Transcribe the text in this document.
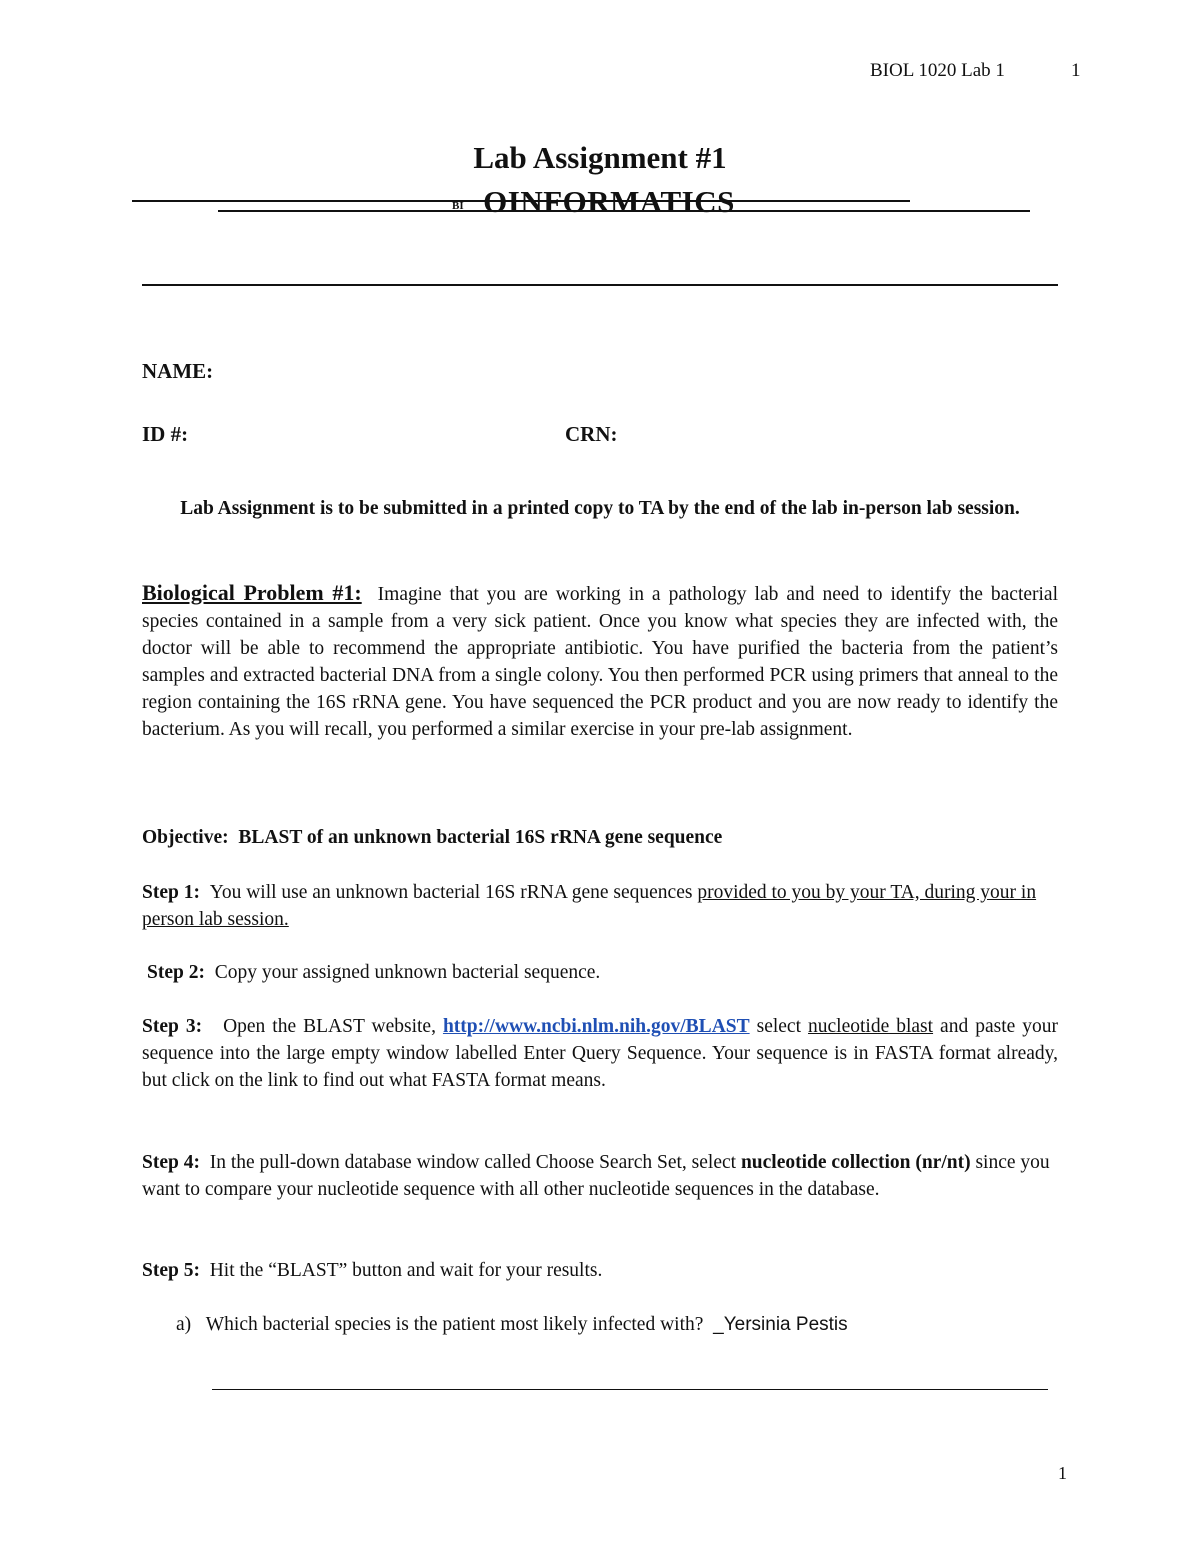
BIOL 1020 Lab 1	1
Lab Assignment #1
OINFORMATICS
BI
NAME:
ID #:	CRN:
Lab Assignment is to be submitted in a printed copy to TA by the end of the lab in-person lab session.
Biological Problem #1: Imagine that you are working in a pathology lab and need to identify the bacterial species contained in a sample from a very sick patient. Once you know what species they are infected with, the doctor will be able to recommend the appropriate antibiotic. You have purified the bacteria from the patient’s samples and extracted bacterial DNA from a single colony. You then performed PCR using primers that anneal to the region containing the 16S rRNA gene. You have sequenced the PCR product and you are now ready to identify the bacterium. As you will recall, you performed a similar exercise in your pre-lab assignment.
Objective: BLAST of an unknown bacterial 16S rRNA gene sequence
Step 1: You will use an unknown bacterial 16S rRNA gene sequences provided to you by your TA, during your in person lab session.
Step 2: Copy your assigned unknown bacterial sequence.
Step 3: Open the BLAST website, http://www.ncbi.nlm.nih.gov/BLAST select nucleotide blast and paste your sequence into the large empty window labelled Enter Query Sequence. Your sequence is in FASTA format already, but click on the link to find out what FASTA format means.
Step 4: In the pull-down database window called Choose Search Set, select nucleotide collection (nr/nt) since you want to compare your nucleotide sequence with all other nucleotide sequences in the database.
Step 5: Hit the “BLAST” button and wait for your results.
a) Which bacterial species is the patient most likely infected with? _Yersinia Pestis
1
